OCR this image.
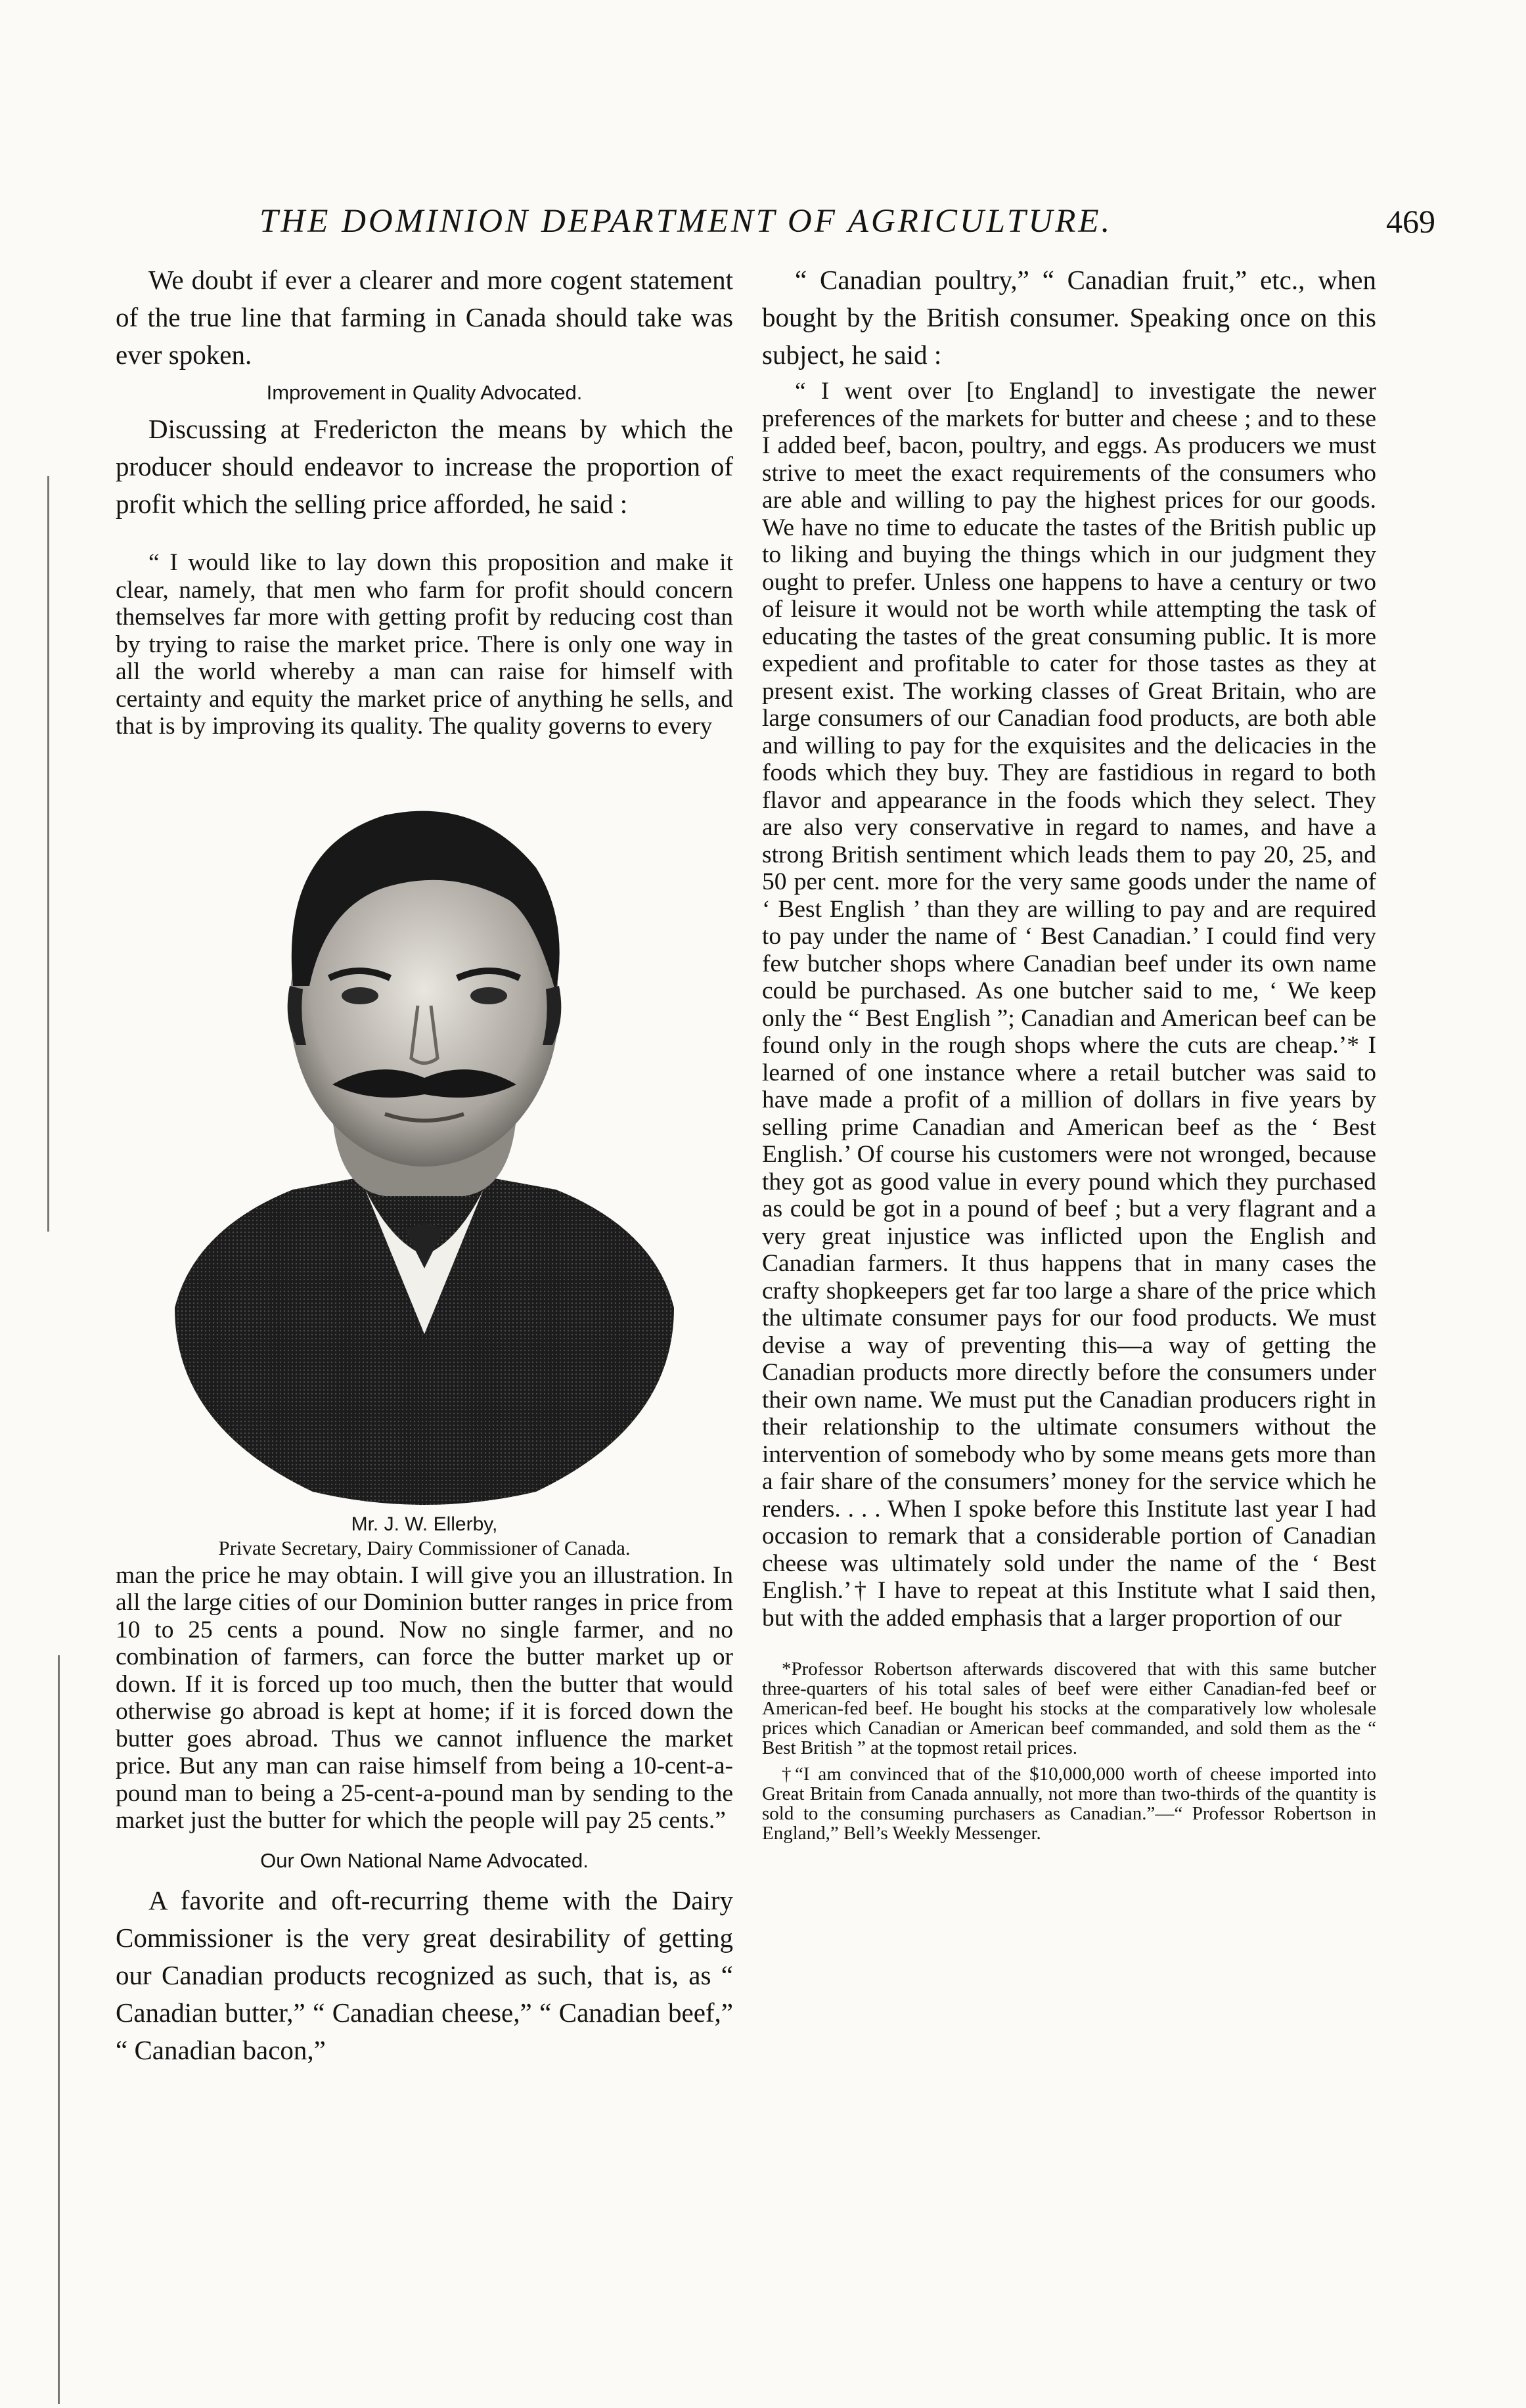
THE DOMINION DEPARTMENT OF AGRICULTURE.	469

We doubt if ever a clearer and more cogent statement of the true line that farming in Canada should take was ever spoken.

Improvement in Quality Advocated.

Discussing at Fredericton the means by which the producer should endeavor to increase the proportion of profit which the selling price afforded, he said :

“ I would like to lay down this proposition and make it clear, namely, that men who farm for profit should concern themselves far more with getting profit by reducing cost than by trying to raise the market price. There is only one way in all the world whereby a man can raise for himself with certainty and equity the market price of anything he sells, and that is by improving its quality. The quality governs to every

Mr. J. W. Ellerby,
Private Secretary, Dairy Commissioner of Canada.

man the price he may obtain. I will give you an illustration. In all the large cities of our Dominion butter ranges in price from 10 to 25 cents a pound. Now no single farmer, and no combination of farmers, can force the butter market up or down. If it is forced up too much, then the butter that would otherwise go abroad is kept at home; if it is forced down the butter goes abroad. Thus we cannot influence the market price. But any man can raise himself from being a 10-cent-a-pound man to being a 25-cent-a-pound man by sending to the market just the butter for which the people will pay 25 cents.”

Our Own National Name Advocated.

A favorite and oft-recurring theme with the Dairy Commissioner is the very great desirability of getting our Canadian products recognized as such, that is, as “ Canadian butter,” “ Canadian cheese,” “ Canadian beef,” “ Canadian bacon,”

“ Canadian poultry,” “ Canadian fruit,” etc., when bought by the British consumer. Speaking once on this subject, he said :

“ I went over [to England] to investigate the newer preferences of the markets for butter and cheese ; and to these I added beef, bacon, poultry, and eggs. As producers we must strive to meet the exact requirements of the consumers who are able and willing to pay the highest prices for our goods. We have no time to educate the tastes of the British public up to liking and buying the things which in our judgment they ought to prefer. Unless one happens to have a century or two of leisure it would not be worth while attempting the task of educating the tastes of the great consuming public. It is more expedient and profitable to cater for those tastes as they at present exist. The working classes of Great Britain, who are large consumers of our Canadian food products, are both able and willing to pay for the exquisites and the delicacies in the foods which they buy. They are fastidious in regard to both flavor and appearance in the foods which they select. They are also very conservative in regard to names, and have a strong British sentiment which leads them to pay 20, 25, and 50 per cent. more for the very same goods under the name of ‘ Best English ’ than they are willing to pay and are required to pay under the name of ‘ Best Canadian.’ I could find very few butcher shops where Canadian beef under its own name could be purchased. As one butcher said to me, ‘ We keep only the “ Best English ”; Canadian and American beef can be found only in the rough shops where the cuts are cheap.’* I learned of one instance where a retail butcher was said to have made a profit of a million of dollars in five years by selling prime Canadian and American beef as the ‘ Best English.’ Of course his customers were not wronged, because they got as good value in every pound which they purchased as could be got in a pound of beef ; but a very flagrant and a very great injustice was inflicted upon the English and Canadian farmers. It thus happens that in many cases the crafty shopkeepers get far too large a share of the price which the ultimate consumer pays for our food products. We must devise a way of preventing this—a way of getting the Canadian products more directly before the consumers under their own name. We must put the Canadian producers right in their relationship to the ultimate consumers without the intervention of somebody who by some means gets more than a fair share of the consumers’ money for the service which he renders. . . . When I spoke before this Institute last year I had occasion to remark that a considerable portion of Canadian cheese was ultimately sold under the name of the ‘ Best English.’† I have to repeat at this Institute what I said then, but with the added emphasis that a larger proportion of our

*Professor Robertson afterwards discovered that with this same butcher three-quarters of his total sales of beef were either Canadian-fed beef or American-fed beef. He bought his stocks at the comparatively low wholesale prices which Canadian or American beef commanded, and sold them as the “ Best British ” at the topmost retail prices.

†“I am convinced that of the $10,000,000 worth of cheese imported into Great Britain from Canada annually, not more than two-thirds of the quantity is sold to the consuming purchasers as Canadian.”—“ Professor Robertson in England,” Bell’s Weekly Messenger.
